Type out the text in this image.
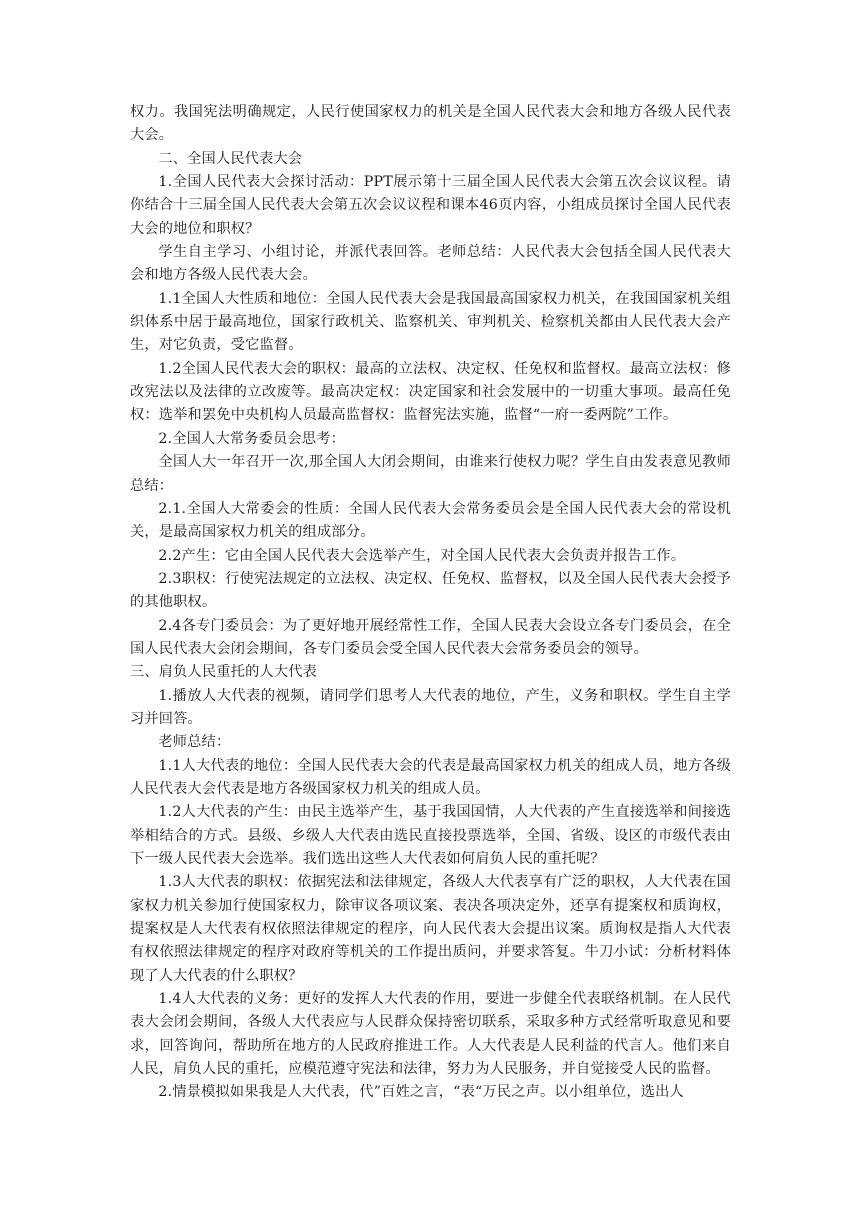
权力。我国宪法明确规定，人民行使国家权力的机关是全国人民代表大会和地方各级人民代表大会。

二、全国人民代表大会

1.全国人民代表大会探讨活动：PPT展示第十三届全国人民代表大会第五次会议议程。请你结合十三届全国人民代表大会第五次会议议程和课本46页内容，小组成员探讨全国人民代表大会的地位和职权？

学生自主学习、小组讨论，并派代表回答。老师总结：人民代表大会包括全国人民代表大会和地方各级人民代表大会。

1.1全国人大性质和地位：全国人民代表大会是我国最高国家权力机关，在我国国家机关组织体系中居于最高地位，国家行政机关、监察机关、审判机关、检察机关都由人民代表大会产生，对它负责，受它监督。

1.2全国人民代表大会的职权：最高的立法权、决定权、任免权和监督权。最高立法权：修改宪法以及法律的立改废等。最高决定权：决定国家和社会发展中的一切重大事项。最高任免权：选举和罢免中央机构人员最高监督权：监督宪法实施，监督“一府一委两院”工作。

2.全国人大常务委员会思考：

全国人大一年召开一次,那全国人大闭会期间，由谁来行使权力呢？学生自由发表意见教师总结：

2.1.全国人大常委会的性质：全国人民代表大会常务委员会是全国人民代表大会的常设机关，是最高国家权力机关的组成部分。

2.2产生：它由全国人民代表大会选举产生，对全国人民代表大会负责并报告工作。

2.3职权：行使宪法规定的立法权、决定权、任免权、监督权，以及全国人民代表大会授予的其他职权。

2.4各专门委员会：为了更好地开展经常性工作，全国人民表大会设立各专门委员会，在全国人民代表大会闭会期间，各专门委员会受全国人民代表大会常务委员会的领导。

三、肩负人民重托的人大代表

1.播放人大代表的视频，请同学们思考人大代表的地位，产生，义务和职权。学生自主学习并回答。

老师总结：

1.1人大代表的地位：全国人民代表大会的代表是最高国家权力机关的组成人员，地方各级人民代表大会代表是地方各级国家权力机关的组成人员。

1.2人大代表的产生：由民主选举产生，基于我国国情，人大代表的产生直接选举和间接选举相结合的方式。县级、乡级人大代表由选民直接投票选举，全国、省级、设区的市级代表由下一级人民代表大会选举。我们选出这些人大代表如何肩负人民的重托呢？

1.3人大代表的职权：依据宪法和法律规定，各级人大代表享有广泛的职权，人大代表在国家权力机关参加行使国家权力，除审议各项议案、表决各项决定外，还享有提案权和质询权，提案权是人大代表有权依照法律规定的程序，向人民代表大会提出议案。质询权是指人大代表有权依照法律规定的程序对政府等机关的工作提出质问，并要求答复。牛刀小试：分析材料体现了人大代表的什么职权？

1.4人大代表的义务：更好的发挥人大代表的作用，要进一步健全代表联络机制。在人民代表大会闭会期间，各级人大代表应与人民群众保持密切联系，采取多种方式经常听取意见和要求，回答询问，帮助所在地方的人民政府推进工作。人大代表是人民利益的代言人。他们来自人民，肩负人民的重托，应模范遵守宪法和法律，努力为人民服务，并自觉接受人民的监督。

2.情景模拟如果我是人大代表，代”百姓之言，“表“万民之声。以小组单位，选出人
